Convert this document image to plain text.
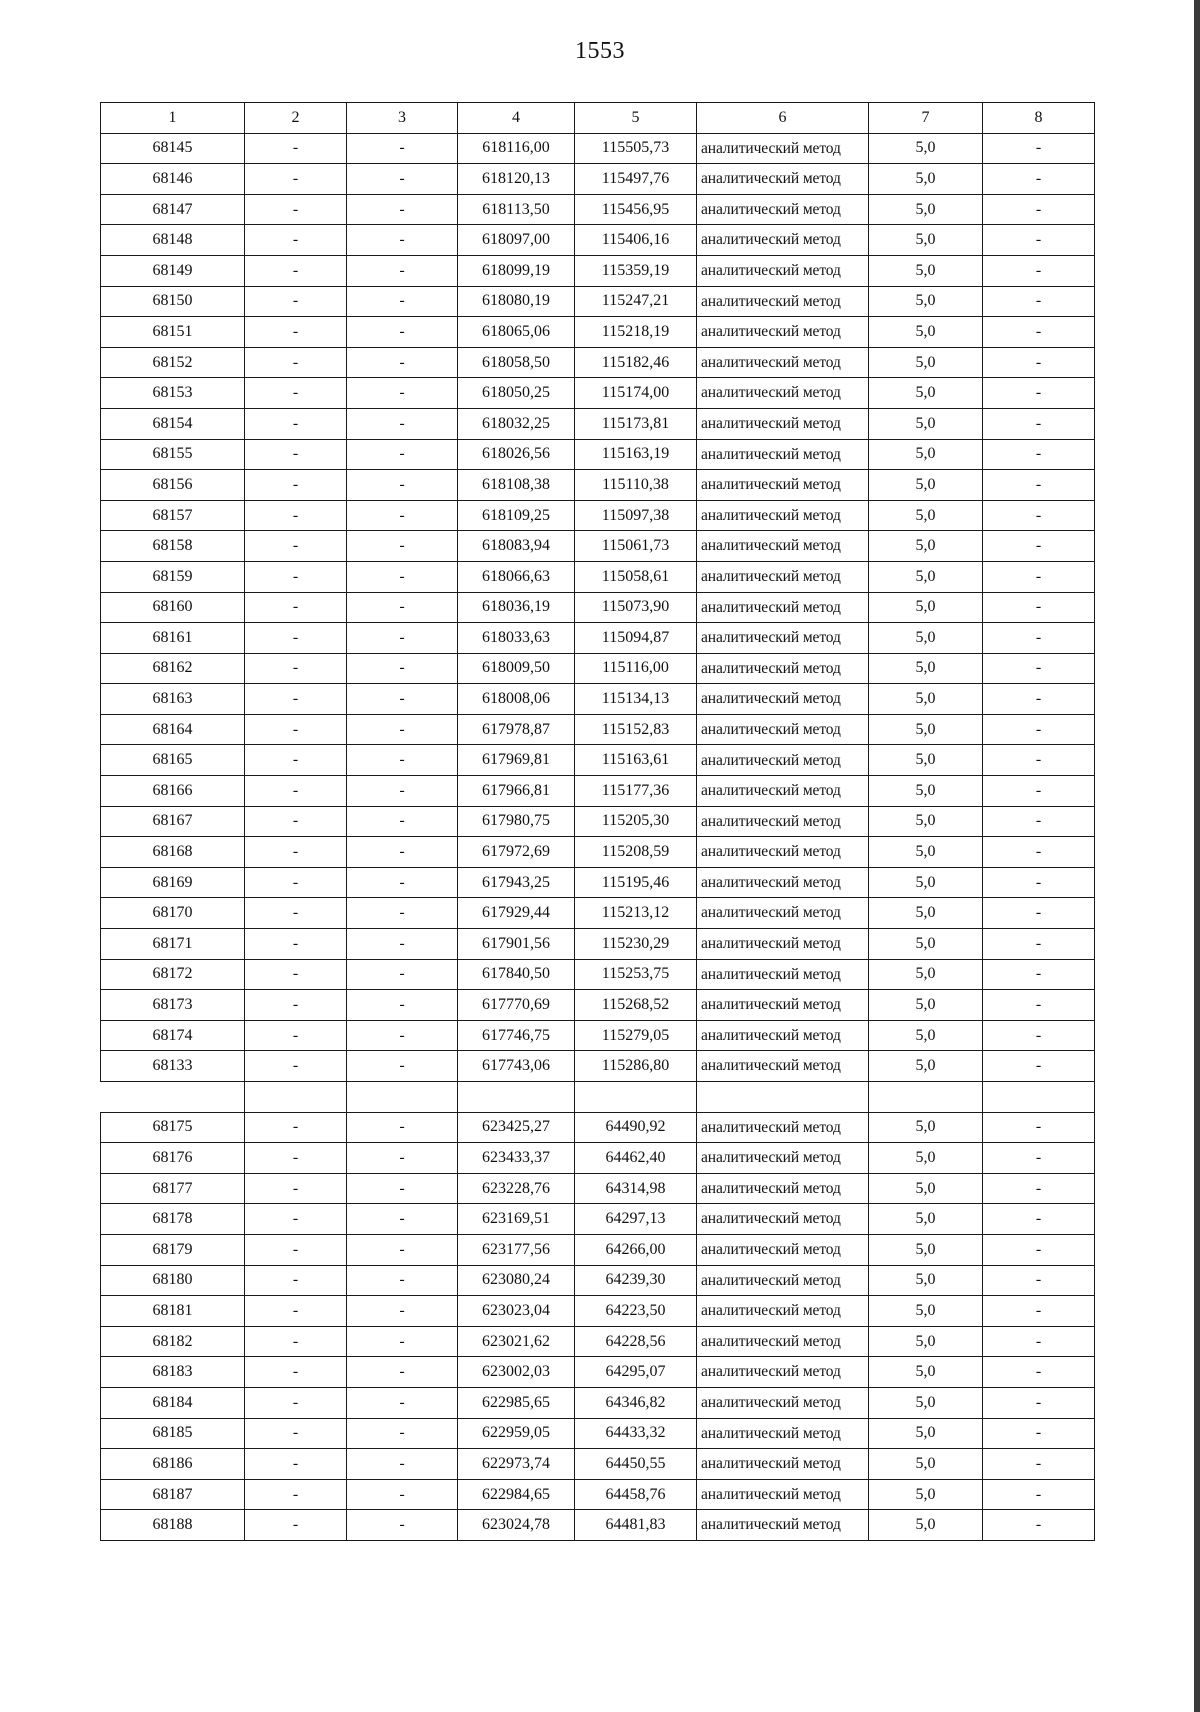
1553
1	2	3	4	5	6	7	8
68145	-	-	618116,00	115505,73	аналитический метод	5,0	-
68146	-	-	618120,13	115497,76	аналитический метод	5,0	-
68147	-	-	618113,50	115456,95	аналитический метод	5,0	-
68148	-	-	618097,00	115406,16	аналитический метод	5,0	-
68149	-	-	618099,19	115359,19	аналитический метод	5,0	-
68150	-	-	618080,19	115247,21	аналитический метод	5,0	-
68151	-	-	618065,06	115218,19	аналитический метод	5,0	-
68152	-	-	618058,50	115182,46	аналитический метод	5,0	-
68153	-	-	618050,25	115174,00	аналитический метод	5,0	-
68154	-	-	618032,25	115173,81	аналитический метод	5,0	-
68155	-	-	618026,56	115163,19	аналитический метод	5,0	-
68156	-	-	618108,38	115110,38	аналитический метод	5,0	-
68157	-	-	618109,25	115097,38	аналитический метод	5,0	-
68158	-	-	618083,94	115061,73	аналитический метод	5,0	-
68159	-	-	618066,63	115058,61	аналитический метод	5,0	-
68160	-	-	618036,19	115073,90	аналитический метод	5,0	-
68161	-	-	618033,63	115094,87	аналитический метод	5,0	-
68162	-	-	618009,50	115116,00	аналитический метод	5,0	-
68163	-	-	618008,06	115134,13	аналитический метод	5,0	-
68164	-	-	617978,87	115152,83	аналитический метод	5,0	-
68165	-	-	617969,81	115163,61	аналитический метод	5,0	-
68166	-	-	617966,81	115177,36	аналитический метод	5,0	-
68167	-	-	617980,75	115205,30	аналитический метод	5,0	-
68168	-	-	617972,69	115208,59	аналитический метод	5,0	-
68169	-	-	617943,25	115195,46	аналитический метод	5,0	-
68170	-	-	617929,44	115213,12	аналитический метод	5,0	-
68171	-	-	617901,56	115230,29	аналитический метод	5,0	-
68172	-	-	617840,50	115253,75	аналитический метод	5,0	-
68173	-	-	617770,69	115268,52	аналитический метод	5,0	-
68174	-	-	617746,75	115279,05	аналитический метод	5,0	-
68133	-	-	617743,06	115286,80	аналитический метод	5,0	-

68175	-	-	623425,27	64490,92	аналитический метод	5,0	-
68176	-	-	623433,37	64462,40	аналитический метод	5,0	-
68177	-	-	623228,76	64314,98	аналитический метод	5,0	-
68178	-	-	623169,51	64297,13	аналитический метод	5,0	-
68179	-	-	623177,56	64266,00	аналитический метод	5,0	-
68180	-	-	623080,24	64239,30	аналитический метод	5,0	-
68181	-	-	623023,04	64223,50	аналитический метод	5,0	-
68182	-	-	623021,62	64228,56	аналитический метод	5,0	-
68183	-	-	623002,03	64295,07	аналитический метод	5,0	-
68184	-	-	622985,65	64346,82	аналитический метод	5,0	-
68185	-	-	622959,05	64433,32	аналитический метод	5,0	-
68186	-	-	622973,74	64450,55	аналитический метод	5,0	-
68187	-	-	622984,65	64458,76	аналитический метод	5,0	-
68188	-	-	623024,78	64481,83	аналитический метод	5,0	-
